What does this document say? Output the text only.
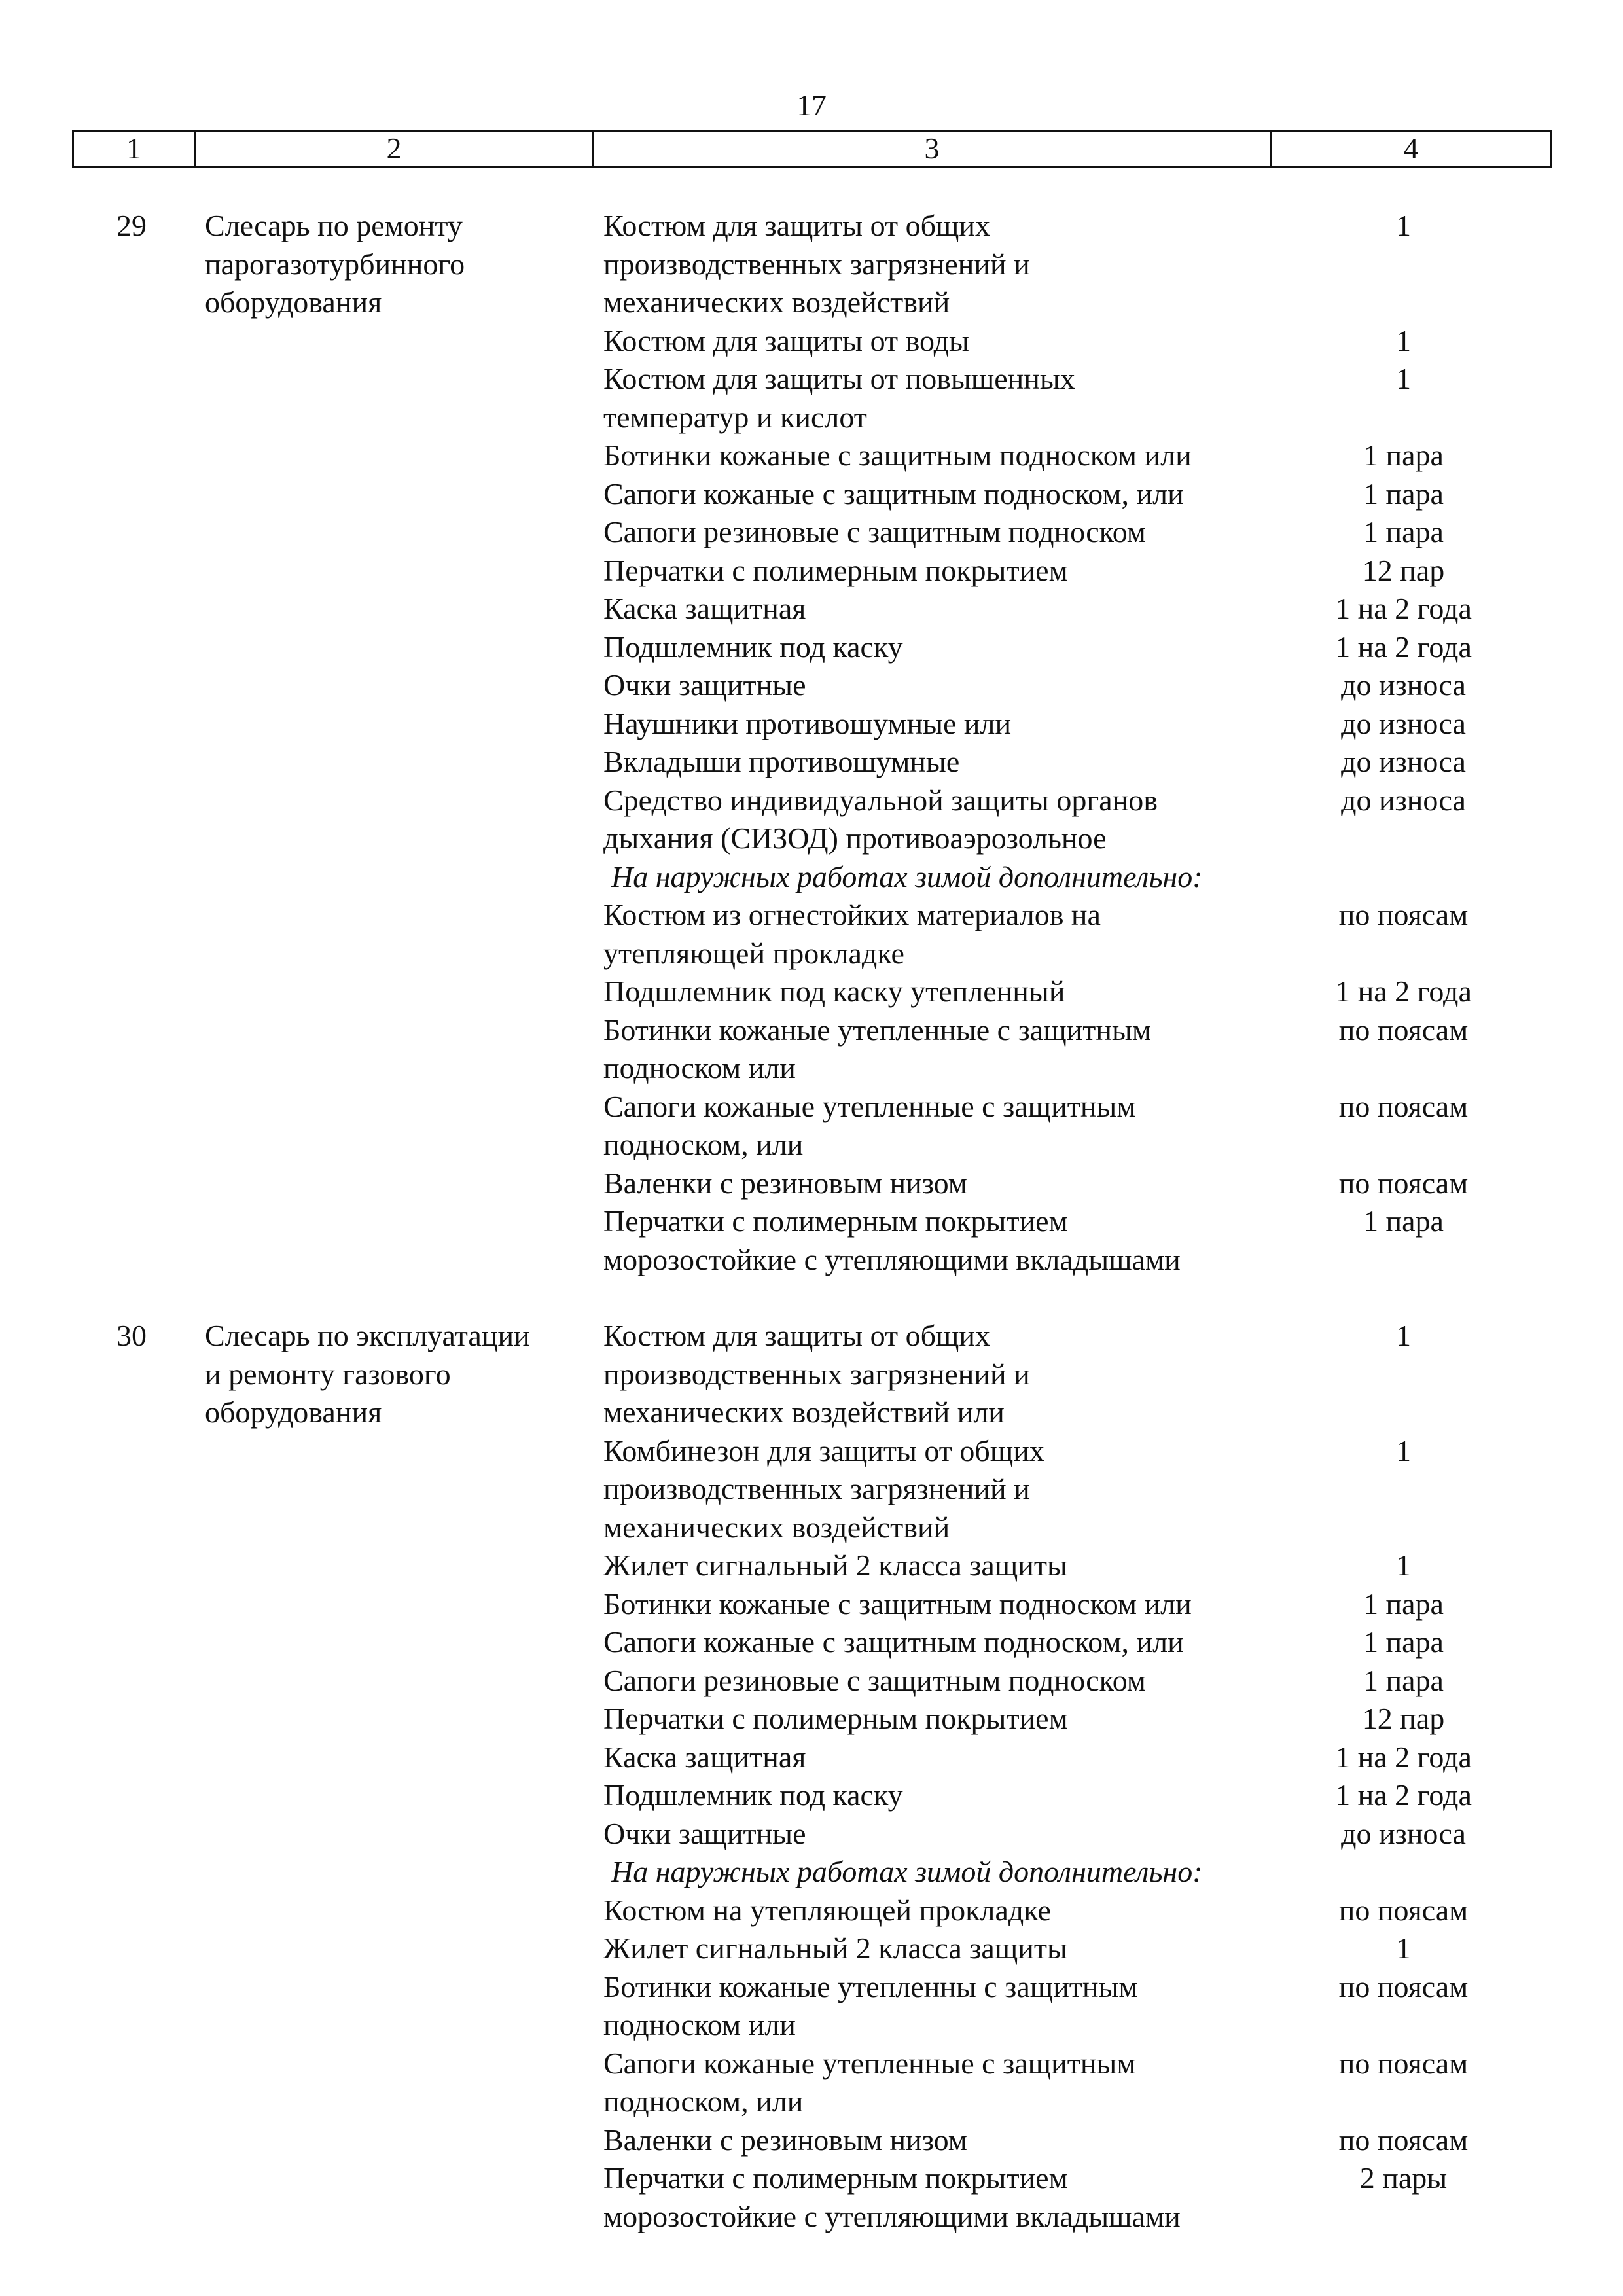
17
1	2	3	4
29	Слесарь по ремонту
парогазотурбинного
оборудования
Костюм для защиты от общих	1
производственных загрязнений и
механических воздействий
Костюм для защиты от воды	1
Костюм для защиты от повышенных	1
температур и кислот
Ботинки кожаные с защитным подноском или	1 пара
Сапоги кожаные с защитным подноском, или	1 пара
Сапоги резиновые с защитным подноском	1 пара
Перчатки с полимерным покрытием	12 пар
Каска защитная	1 на 2 года
Подшлемник под каску	1 на 2 года
Очки защитные	до износа
Наушники противошумные или	до износа
Вкладыши противошумные	до износа
Средство индивидуальной защиты органов	до износа
дыхания (СИЗОД) противоаэрозольное
На наружных работах зимой дополнительно:
Костюм из огнестойких материалов на	по поясам
утепляющей прокладке
Подшлемник под каску утепленный	1 на 2 года
Ботинки кожаные утепленные с защитным	по поясам
подноском или
Сапоги кожаные утепленные с защитным	по поясам
подноском, или
Валенки с резиновым низом	по поясам
Перчатки с полимерным покрытием	1 пара
морозостойкие с утепляющими вкладышами
30	Слесарь по эксплуатации
и ремонту газового
оборудования
Костюм для защиты от общих	1
производственных загрязнений и
механических воздействий или
Комбинезон для защиты от общих	1
производственных загрязнений и
механических воздействий
Жилет сигнальный 2 класса защиты	1
Ботинки кожаные с защитным подноском или	1 пара
Сапоги кожаные с защитным подноском, или	1 пара
Сапоги резиновые с защитным подноском	1 пара
Перчатки с полимерным покрытием	12 пар
Каска защитная	1 на 2 года
Подшлемник под каску	1 на 2 года
Очки защитные	до износа
На наружных работах зимой дополнительно:
Костюм на утепляющей прокладке	по поясам
Жилет сигнальный 2 класса защиты	1
Ботинки кожаные утепленны с защитным	по поясам
подноском или
Сапоги кожаные утепленные с защитным	по поясам
подноском, или
Валенки с резиновым низом	по поясам
Перчатки с полимерным покрытием	2 пары
морозостойкие с утепляющими вкладышами
